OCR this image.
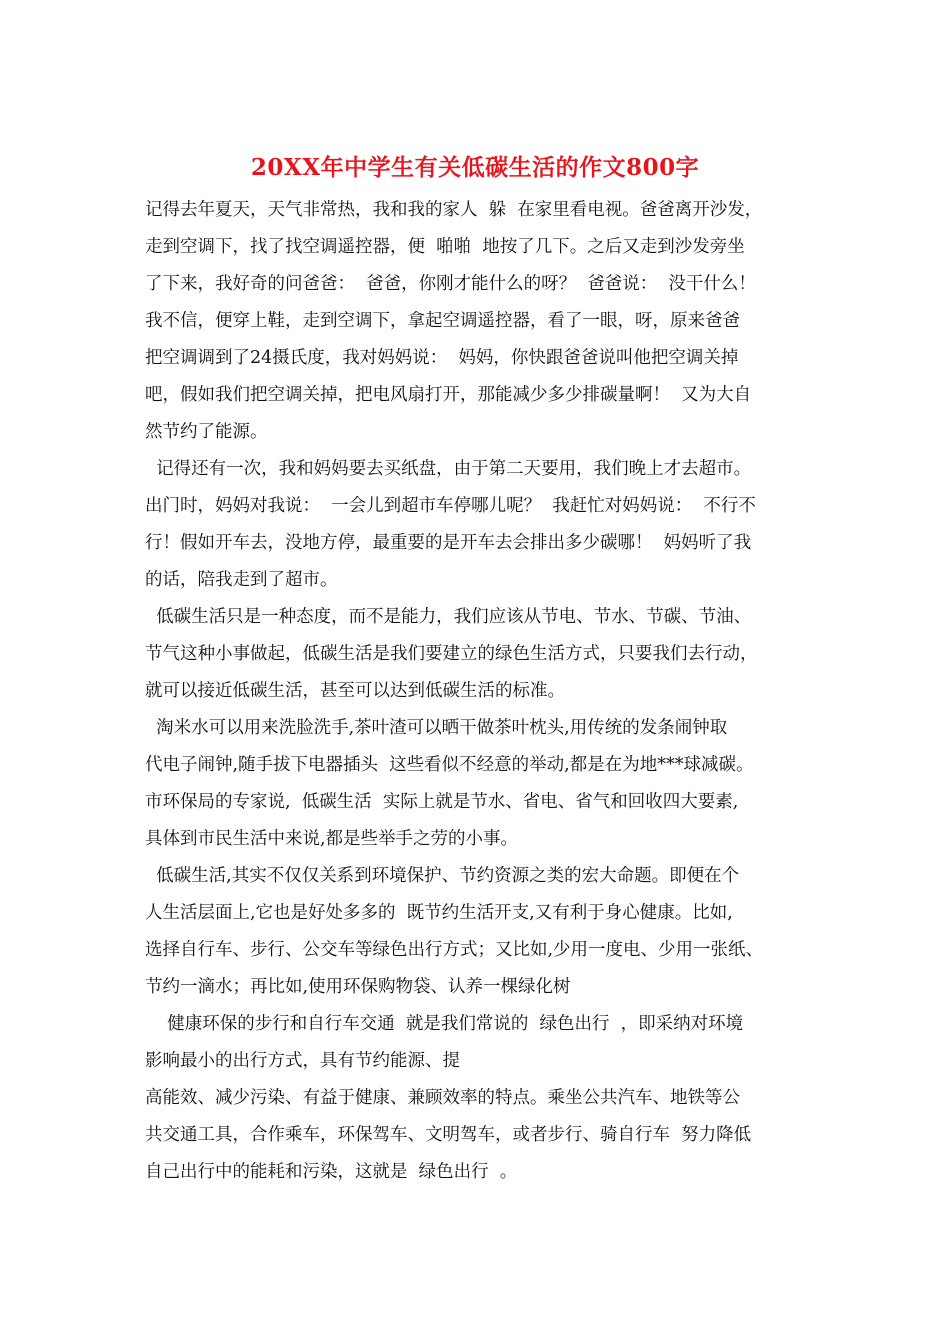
20XX年中学生有关低碳生活的作文800字
记得去年夏天，天气非常热，我和我的家人  躲  在家里看电视。爸爸离开沙发，
走到空调下，找了找空调遥控器，便  啪啪  地按了几下。之后又走到沙发旁坐
了下来，我好奇的问爸爸：  爸爸，你刚才能什么的呀？  爸爸说：  没干什么！
我不信，便穿上鞋，走到空调下，拿起空调遥控器，看了一眼，呀，原来爸爸
把空调调到了24摄氏度，我对妈妈说：  妈妈，你快跟爸爸说叫他把空调关掉
吧，假如我们把空调关掉，把电风扇打开，那能减少多少排碳量啊！  又为大自
然节约了能源。
记得还有一次，我和妈妈要去买纸盘，由于第二天要用，我们晚上才去超市。
出门时，妈妈对我说：  一会儿到超市车停哪儿呢？  我赶忙对妈妈说：  不行不
行！假如开车去，没地方停，最重要的是开车去会排出多少碳哪！  妈妈听了我
的话，陪我走到了超市。
低碳生活只是一种态度，而不是能力，我们应该从节电、节水、节碳、节油、
节气这种小事做起，低碳生活是我们要建立的绿色生活方式，只要我们去行动，
就可以接近低碳生活，甚至可以达到低碳生活的标准。
淘米水可以用来洗脸洗手,茶叶渣可以晒干做茶叶枕头,用传统的发条闹钟取
代电子闹钟,随手拔下电器插头  这些看似不经意的举动,都是在为地***球减碳。
市环保局的专家说,  低碳生活  实际上就是节水、省电、省气和回收四大要素,
具体到市民生活中来说,都是些举手之劳的小事。
低碳生活,其实不仅仅关系到环境保护、节约资源之类的宏大命题。即便在个
人生活层面上,它也是好处多多的  既节约生活开支,又有利于身心健康。比如,
选择自行车、步行、公交车等绿色出行方式；又比如,少用一度电、少用一张纸、
节约一滴水；再比如,使用环保购物袋、认养一棵绿化树
健康环保的步行和自行车交通  就是我们常说的  绿色出行  ，即采纳对环境
影响最小的出行方式，具有节约能源、提
高能效、减少污染、有益于健康、兼顾效率的特点。乘坐公共汽车、地铁等公
共交通工具，合作乘车，环保驾车、文明驾车，或者步行、骑自行车  努力降低
自己出行中的能耗和污染，这就是  绿色出行  。
